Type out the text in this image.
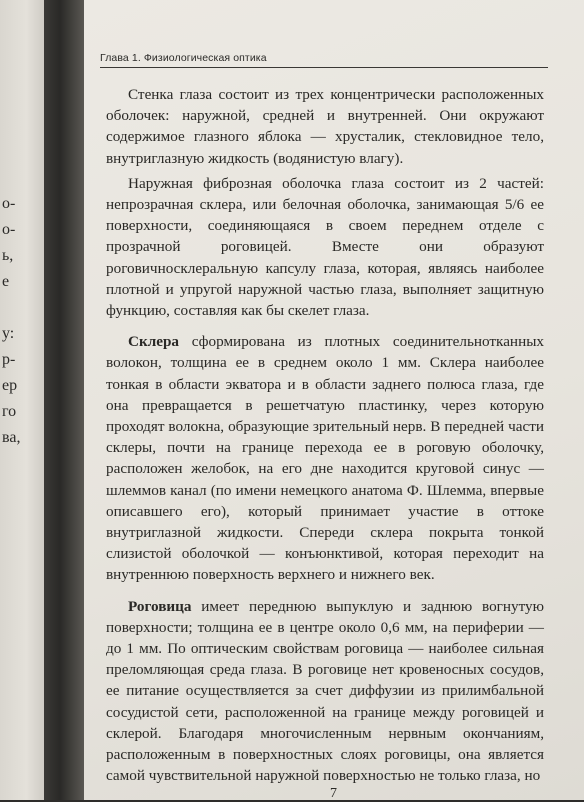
о-
о-
ь,
е
у:
р-
ер
го
ва,
Глава 1. Физиологическая оптика

Стенка глаза состоит из трех концентрически расположенных оболочек: наружной, средней и внутренней. Они окружают содержимое глазного яблока — хрусталик, стекловидное тело, внутриглазную жидкость (водянистую влагу).

Наружная фиброзная оболочка глаза состоит из 2 частей: непрозрачная склера, или белочная оболочка, занимающая 5/6 ее поверхности, соединяющаяся в своем переднем отделе с прозрачной роговицей. Вместе они образуют роговичносклеральную капсулу глаза, которая, являясь наиболее плотной и упругой наружной частью глаза, выполняет защитную функцию, составляя как бы скелет глаза.

Склера сформирована из плотных соединительнотканных волокон, толщина ее в среднем около 1 мм. Склера наиболее тонкая в области экватора и в области заднего полюса глаза, где она превращается в решетчатую пластинку, через которую проходят волокна, образующие зрительный нерв. В передней части склеры, почти на границе перехода ее в роговую оболочку, расположен желобок, на его дне находится круговой синус — шлеммов канал (по имени немецкого анатома Ф. Шлемма, впервые описавшего его), который принимает участие в оттоке внутриглазной жидкости. Спереди склера покрыта тонкой слизистой оболочкой — конъюнктивой, которая переходит на внутреннюю поверхность верхнего и нижнего век.

Роговица имеет переднюю выпуклую и заднюю вогнутую поверхности; толщина ее в центре около 0,6 мм, на периферии — до 1 мм. По оптическим свойствам роговица — наиболее сильная преломляющая среда глаза. В роговице нет кровеносных сосудов, ее питание осуществляется за счет диффузии из прилимбальной сосудистой сети, расположенной на границе между роговицей и склерой. Благодаря многочисленным нервным окончаниям, расположенным в поверхностных слоях роговицы, она является самой чувствительной наружной поверхностью не только глаза, но

7
